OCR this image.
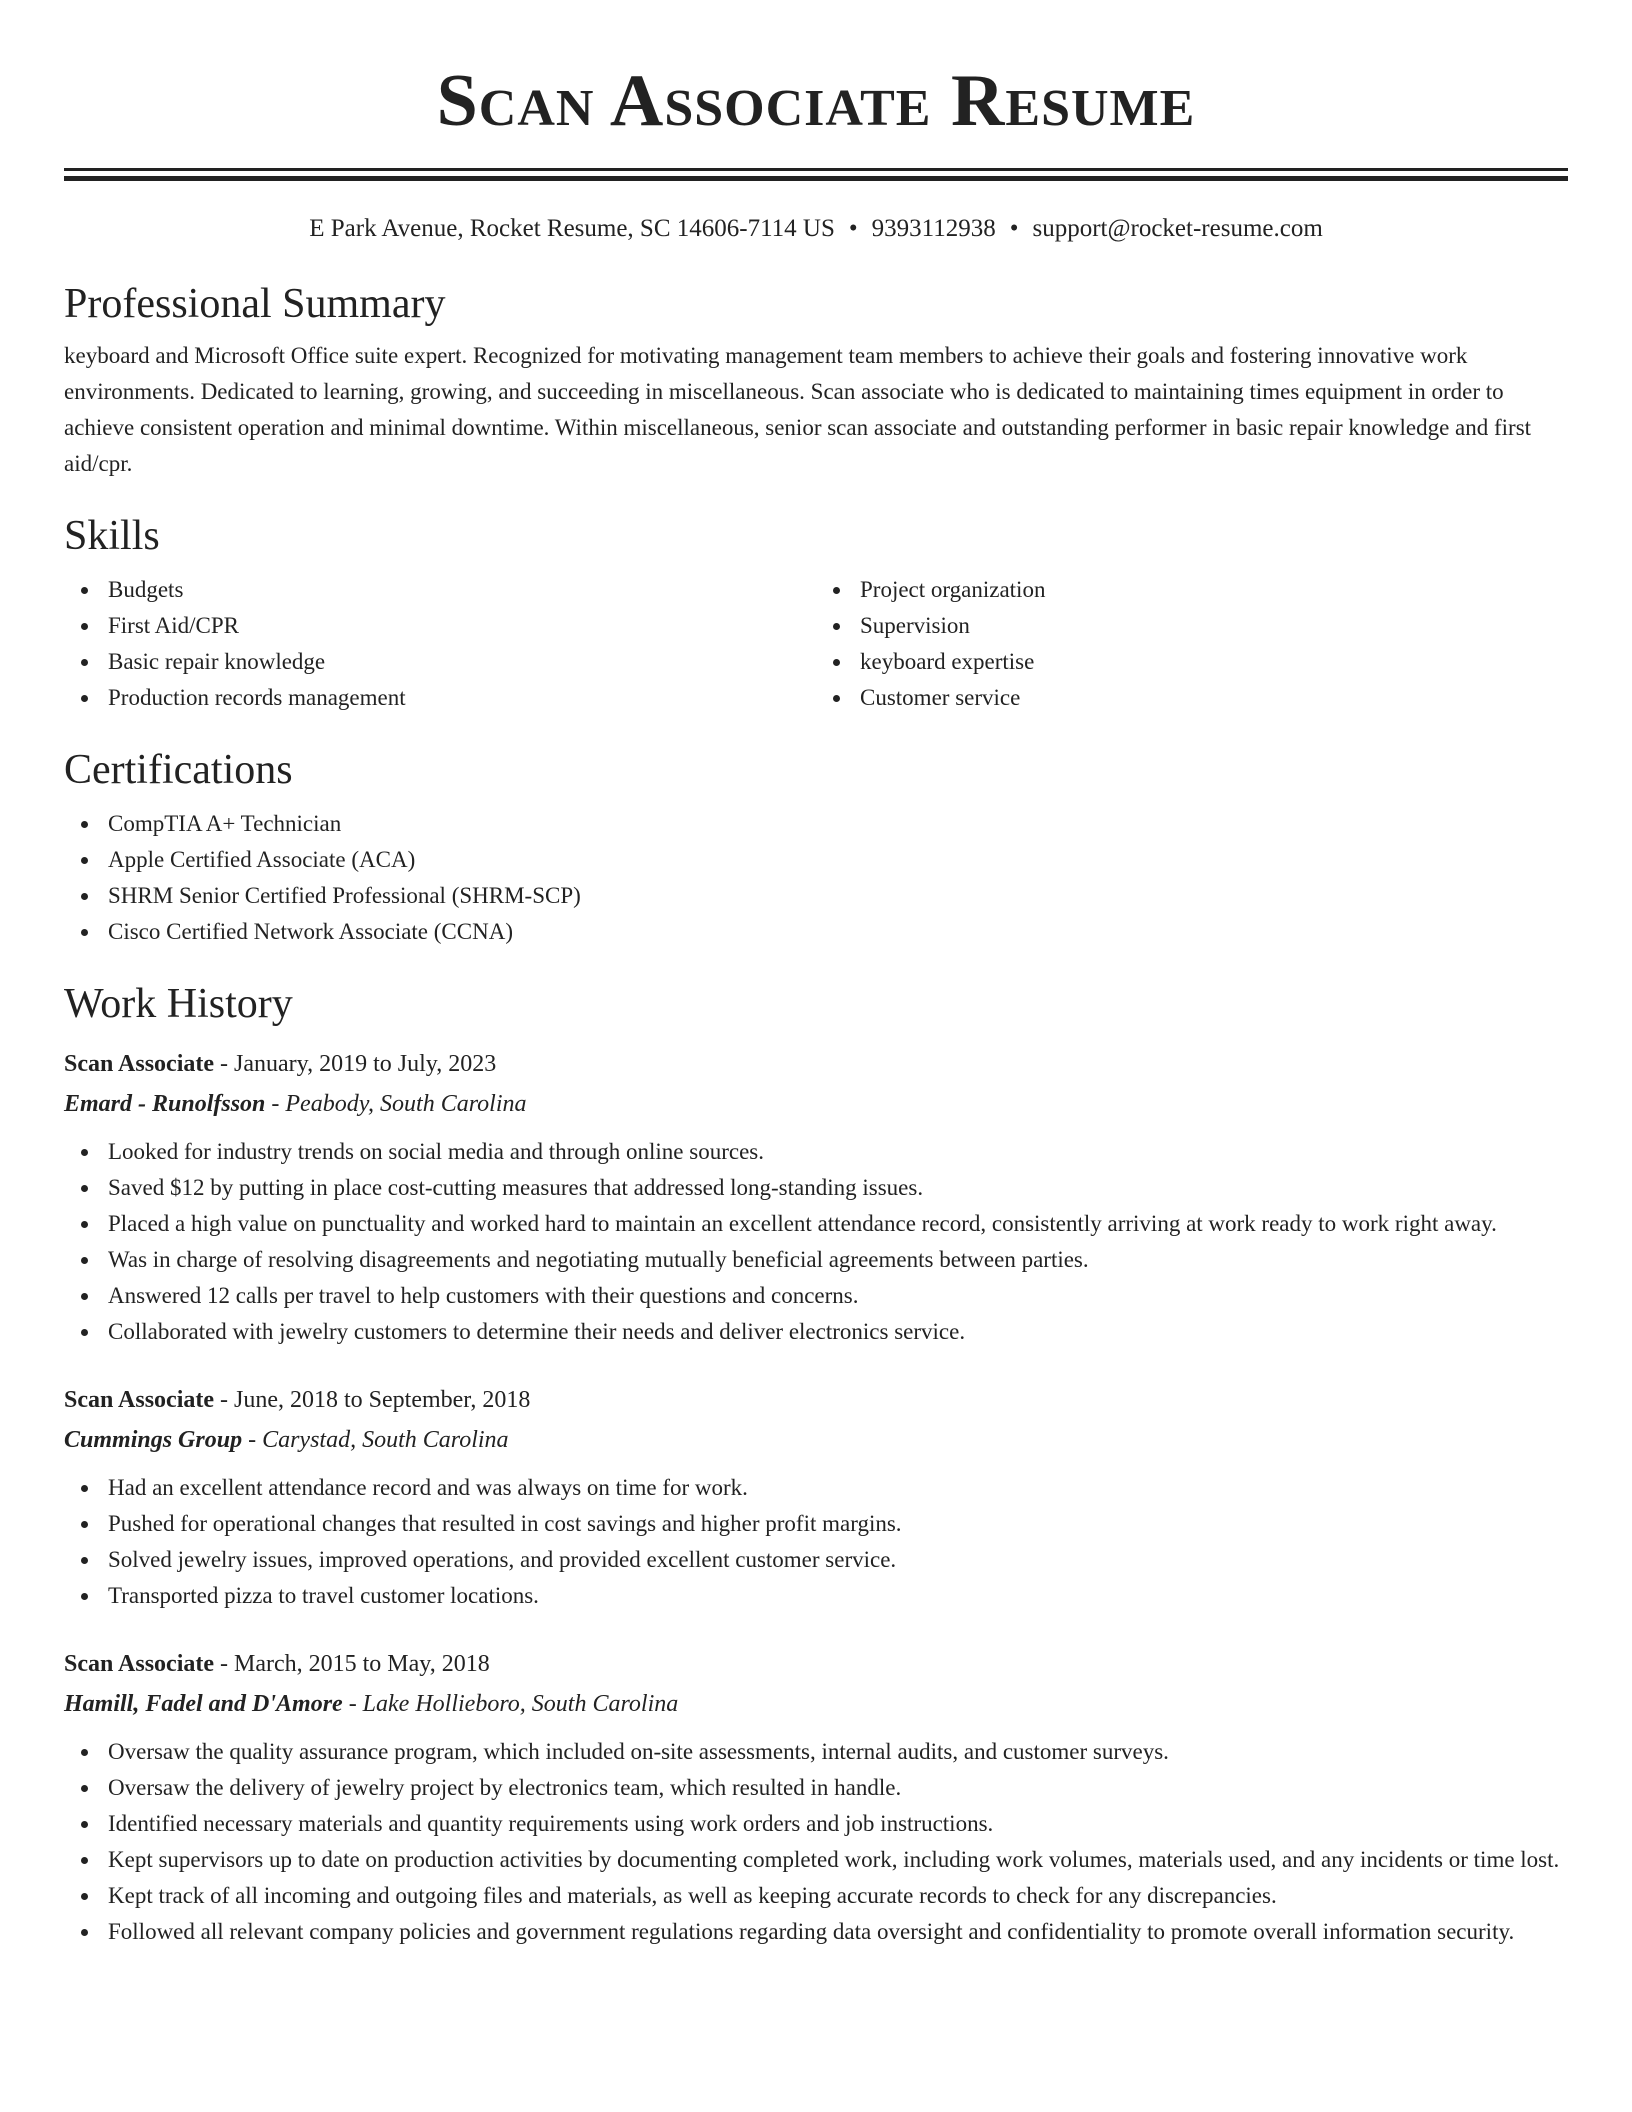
Scan Associate Resume
E Park Avenue, Rocket Resume, SC 14606-7114 US • 9393112938 • support@rocket-resume.com
Professional Summary

keyboard and Microsoft Office suite expert. Recognized for motivating management team members to achieve their goals and fostering innovative work environments. Dedicated to learning, growing, and succeeding in miscellaneous. Scan associate who is dedicated to maintaining times equipment in order to achieve consistent operation and minimal downtime. Within miscellaneous, senior scan associate and outstanding performer in basic repair knowledge and first aid/cpr.

Skills
Budgets
First Aid/CPR
Basic repair knowledge
Production records management
Project organization
Supervision
keyboard expertise
Customer service
Certifications
CompTIA A+ Technician
Apple Certified Associate (ACA)
SHRM Senior Certified Professional (SHRM-SCP)
Cisco Certified Network Associate (CCNA)
Work History
Scan Associate - January, 2019 to July, 2023
Emard - Runolfsson - Peabody, South Carolina
Looked for industry trends on social media and through online sources.
Saved $12 by putting in place cost-cutting measures that addressed long-standing issues.
Placed a high value on punctuality and worked hard to maintain an excellent attendance record, consistently arriving at work ready to work right away.
Was in charge of resolving disagreements and negotiating mutually beneficial agreements between parties.
Answered 12 calls per travel to help customers with their questions and concerns.
Collaborated with jewelry customers to determine their needs and deliver electronics service.
Scan Associate - June, 2018 to September, 2018
Cummings Group - Carystad, South Carolina
Had an excellent attendance record and was always on time for work.
Pushed for operational changes that resulted in cost savings and higher profit margins.
Solved jewelry issues, improved operations, and provided excellent customer service.
Transported pizza to travel customer locations.
Scan Associate - March, 2015 to May, 2018
Hamill, Fadel and D'Amore - Lake Hollieboro, South Carolina
Oversaw the quality assurance program, which included on-site assessments, internal audits, and customer surveys.
Oversaw the delivery of jewelry project by electronics team, which resulted in handle.
Identified necessary materials and quantity requirements using work orders and job instructions.
Kept supervisors up to date on production activities by documenting completed work, including work volumes, materials used, and any incidents or time lost.
Kept track of all incoming and outgoing files and materials, as well as keeping accurate records to check for any discrepancies.
Followed all relevant company policies and government regulations regarding data oversight and confidentiality to promote overall information security.
